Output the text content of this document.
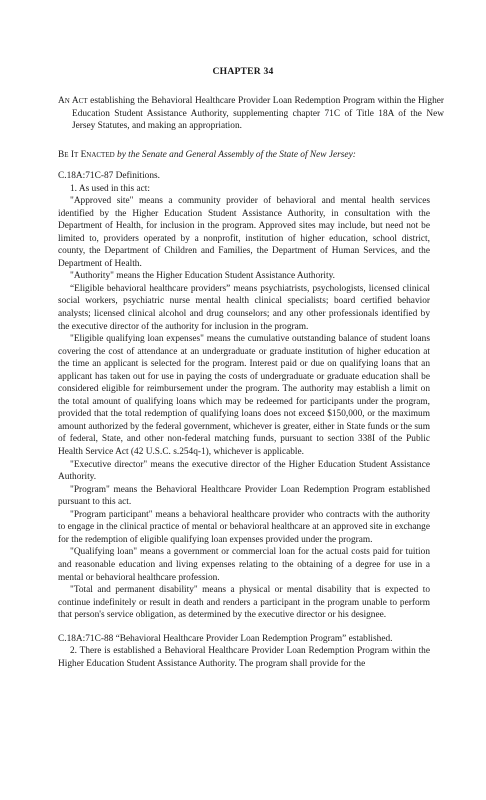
CHAPTER 34
An Act establishing the Behavioral Healthcare Provider Loan Redemption Program within the Higher Education Student Assistance Authority, supplementing chapter 71C of Title 18A of the New Jersey Statutes, and making an appropriation.
Be It Enacted by the Senate and General Assembly of the State of New Jersey:

C.18A:71C-87 Definitions.

1. As used in this act:

"Approved site" means a community provider of behavioral and mental health services identified by the Higher Education Student Assistance Authority, in consultation with the Department of Health, for inclusion in the program. Approved sites may include, but need not be limited to, providers operated by a nonprofit, institution of higher education, school district, county, the Department of Children and Families, the Department of Human Services, and the Department of Health.

"Authority" means the Higher Education Student Assistance Authority.

“Eligible behavioral healthcare providers” means psychiatrists, psychologists, licensed clinical social workers, psychiatric nurse mental health clinical specialists; board certified behavior analysts; licensed clinical alcohol and drug counselors; and any other professionals identified by the executive director of the authority for inclusion in the program.

"Eligible qualifying loan expenses" means the cumulative outstanding balance of student loans covering the cost of attendance at an undergraduate or graduate institution of higher education at the time an applicant is selected for the program. Interest paid or due on qualifying loans that an applicant has taken out for use in paying the costs of undergraduate or graduate education shall be considered eligible for reimbursement under the program. The authority may establish a limit on the total amount of qualifying loans which may be redeemed for participants under the program, provided that the total redemption of qualifying loans does not exceed $150,000, or the maximum amount authorized by the federal government, whichever is greater, either in State funds or the sum of federal, State, and other non-federal matching funds, pursuant to section 338I of the Public Health Service Act (42 U.S.C. s.254q-1), whichever is applicable.

"Executive director" means the executive director of the Higher Education Student Assistance Authority.

"Program" means the Behavioral Healthcare Provider Loan Redemption Program established pursuant to this act.

"Program participant" means a behavioral healthcare provider who contracts with the authority to engage in the clinical practice of mental or behavioral healthcare at an approved site in exchange for the redemption of eligible qualifying loan expenses provided under the program.

"Qualifying loan" means a government or commercial loan for the actual costs paid for tuition and reasonable education and living expenses relating to the obtaining of a degree for use in a mental or behavioral healthcare profession.

"Total and permanent disability" means a physical or mental disability that is expected to continue indefinitely or result in death and renders a participant in the program unable to perform that person's service obligation, as determined by the executive director or his designee.

C.18A:71C-88 “Behavioral Healthcare Provider Loan Redemption Program” established.

2. There is established a Behavioral Healthcare Provider Loan Redemption Program within the Higher Education Student Assistance Authority. The program shall provide for the
